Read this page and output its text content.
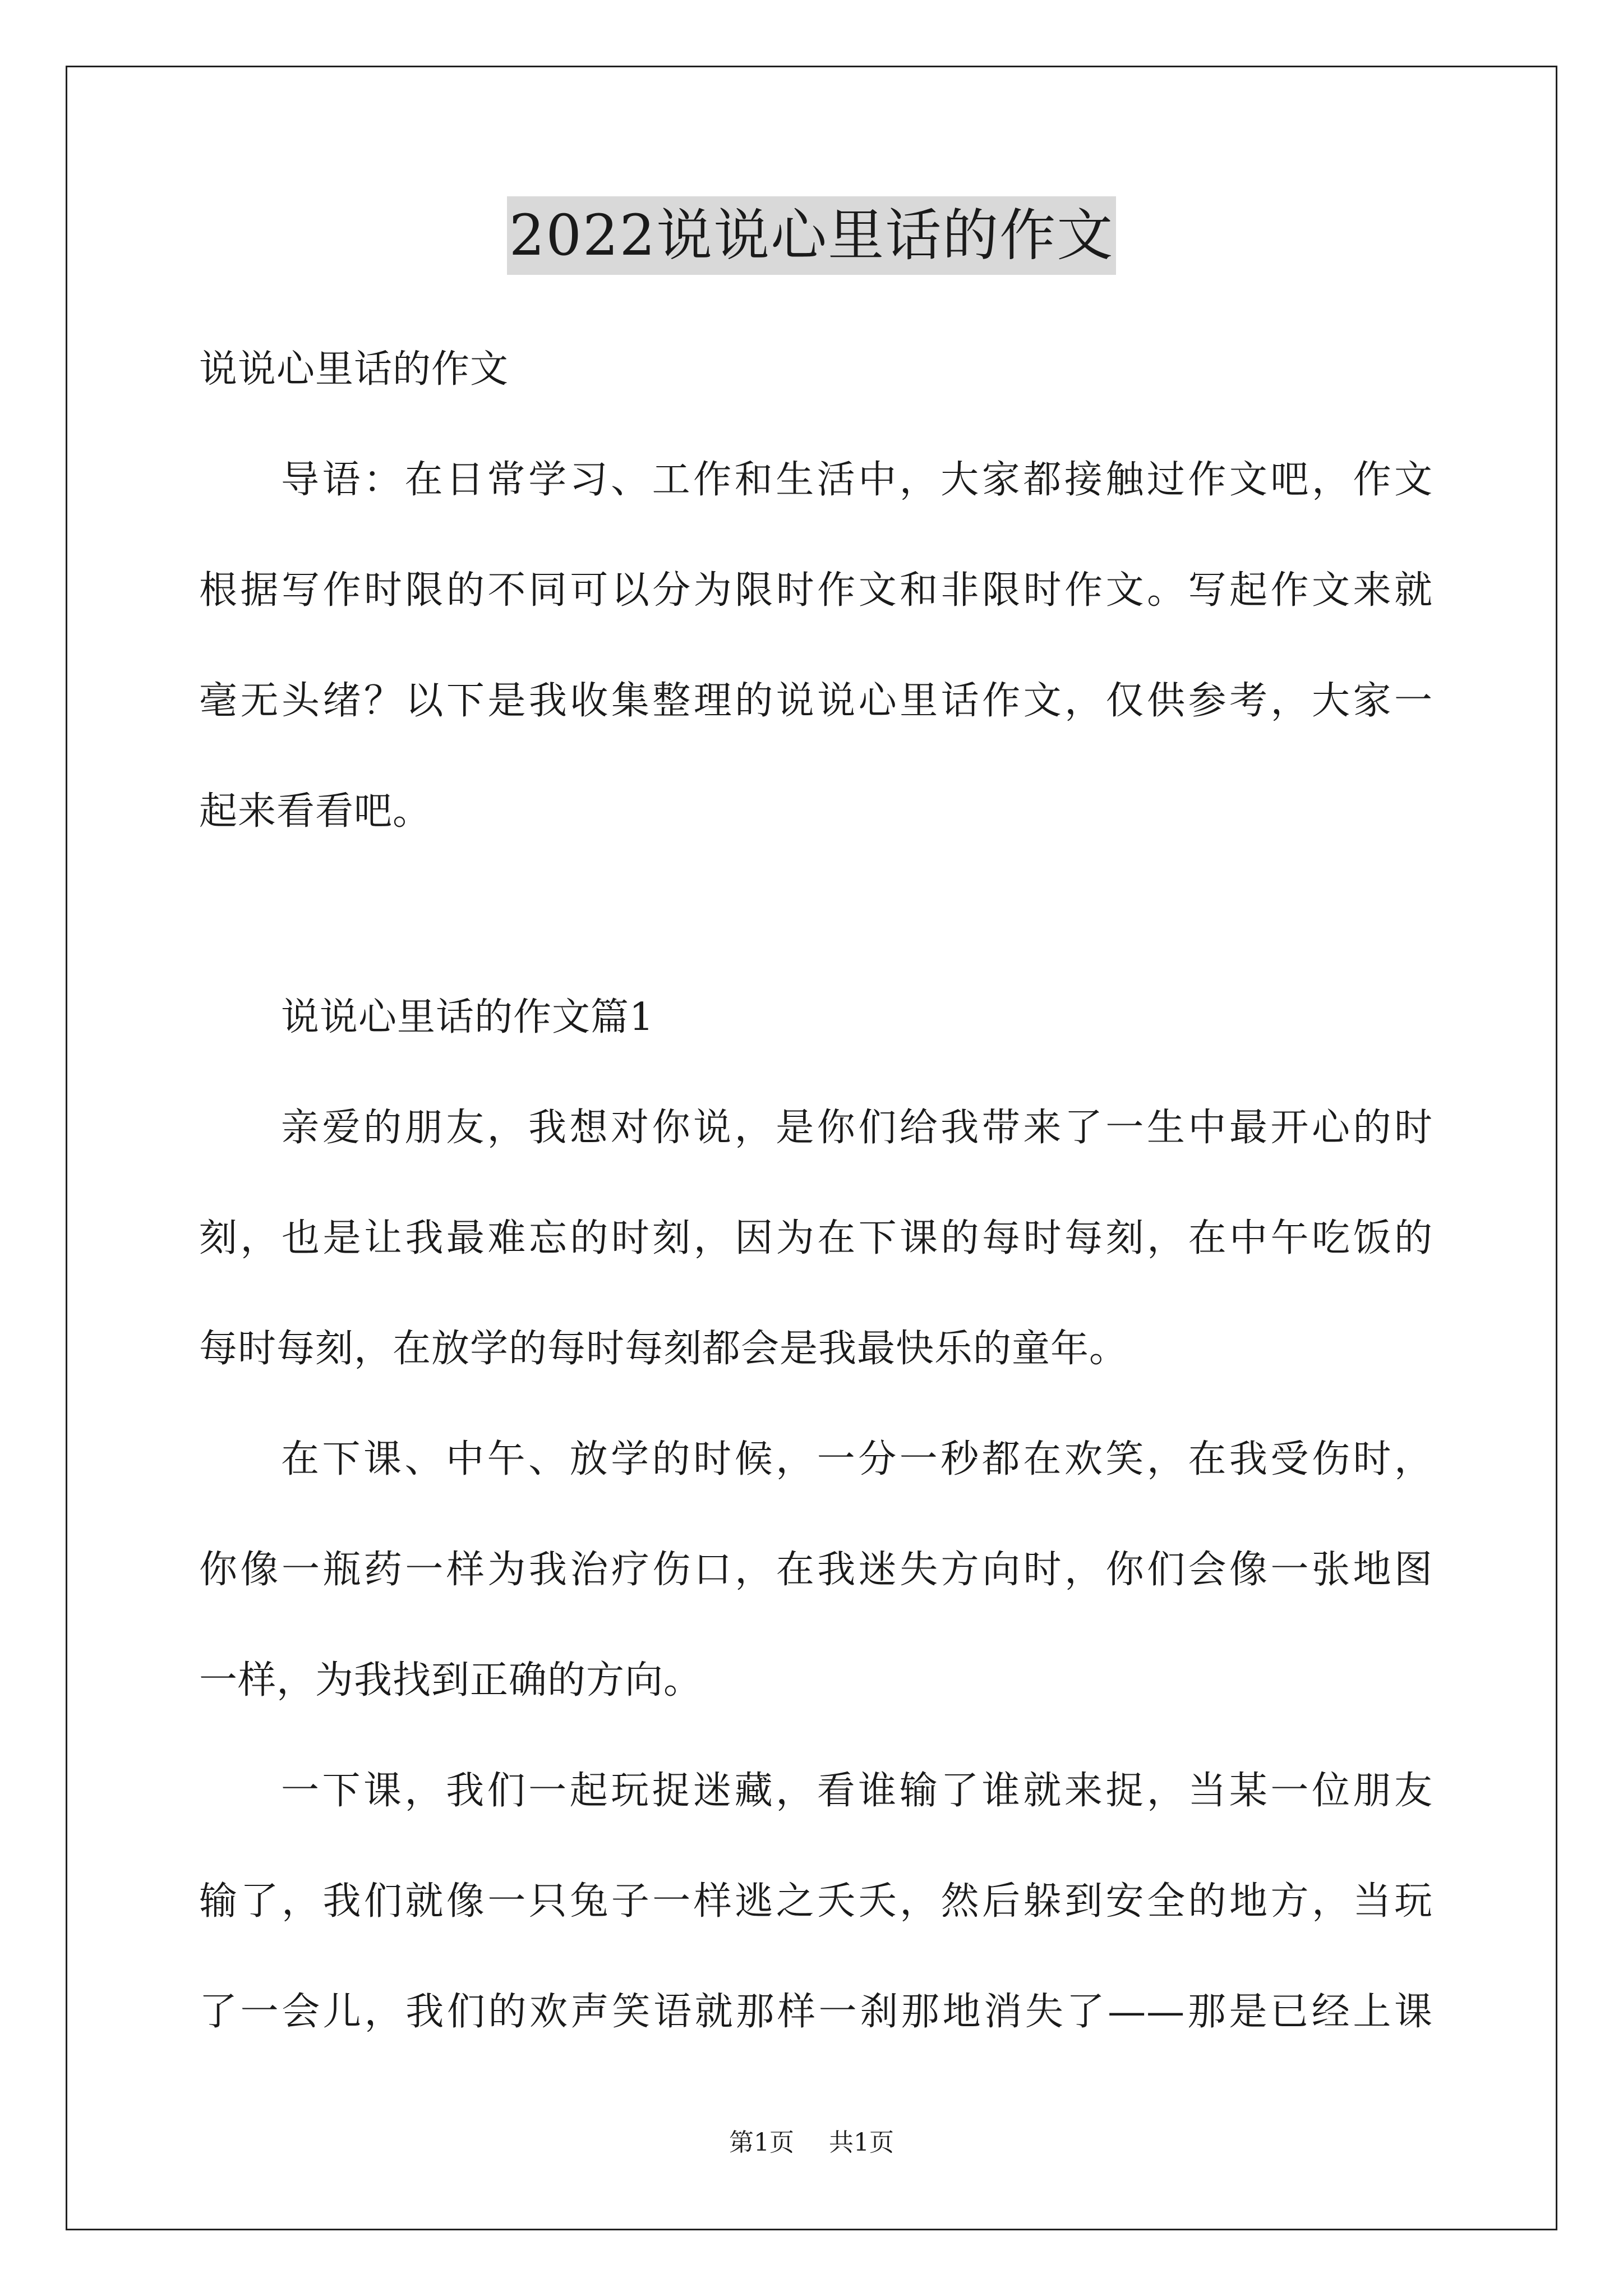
2022说说心里话的作文
说说心里话的作文
导语：在日常学习、工作和生活中，大家都接触过作文吧，作文
根据写作时限的不同可以分为限时作文和非限时作文。写起作文来就
毫无头绪？以下是我收集整理的说说心里话作文，仅供参考，大家一
起来看看吧。
说说心里话的作文篇1
亲爱的朋友，我想对你说，是你们给我带来了一生中最开心的时
刻，也是让我最难忘的时刻，因为在下课的每时每刻，在中午吃饭的
每时每刻，在放学的每时每刻都会是我最快乐的童年。
在下课、中午、放学的时候，一分一秒都在欢笑，在我受伤时，
你像一瓶药一样为我治疗伤口，在我迷失方向时，你们会像一张地图
一样，为我找到正确的方向。
一下课，我们一起玩捉迷藏，看谁输了谁就来捉，当某一位朋友
输了，我们就像一只兔子一样逃之夭夭，然后躲到安全的地方，当玩
了一会儿，我们的欢声笑语就那样一刹那地消失了——那是已经上课
第1页 共1页
